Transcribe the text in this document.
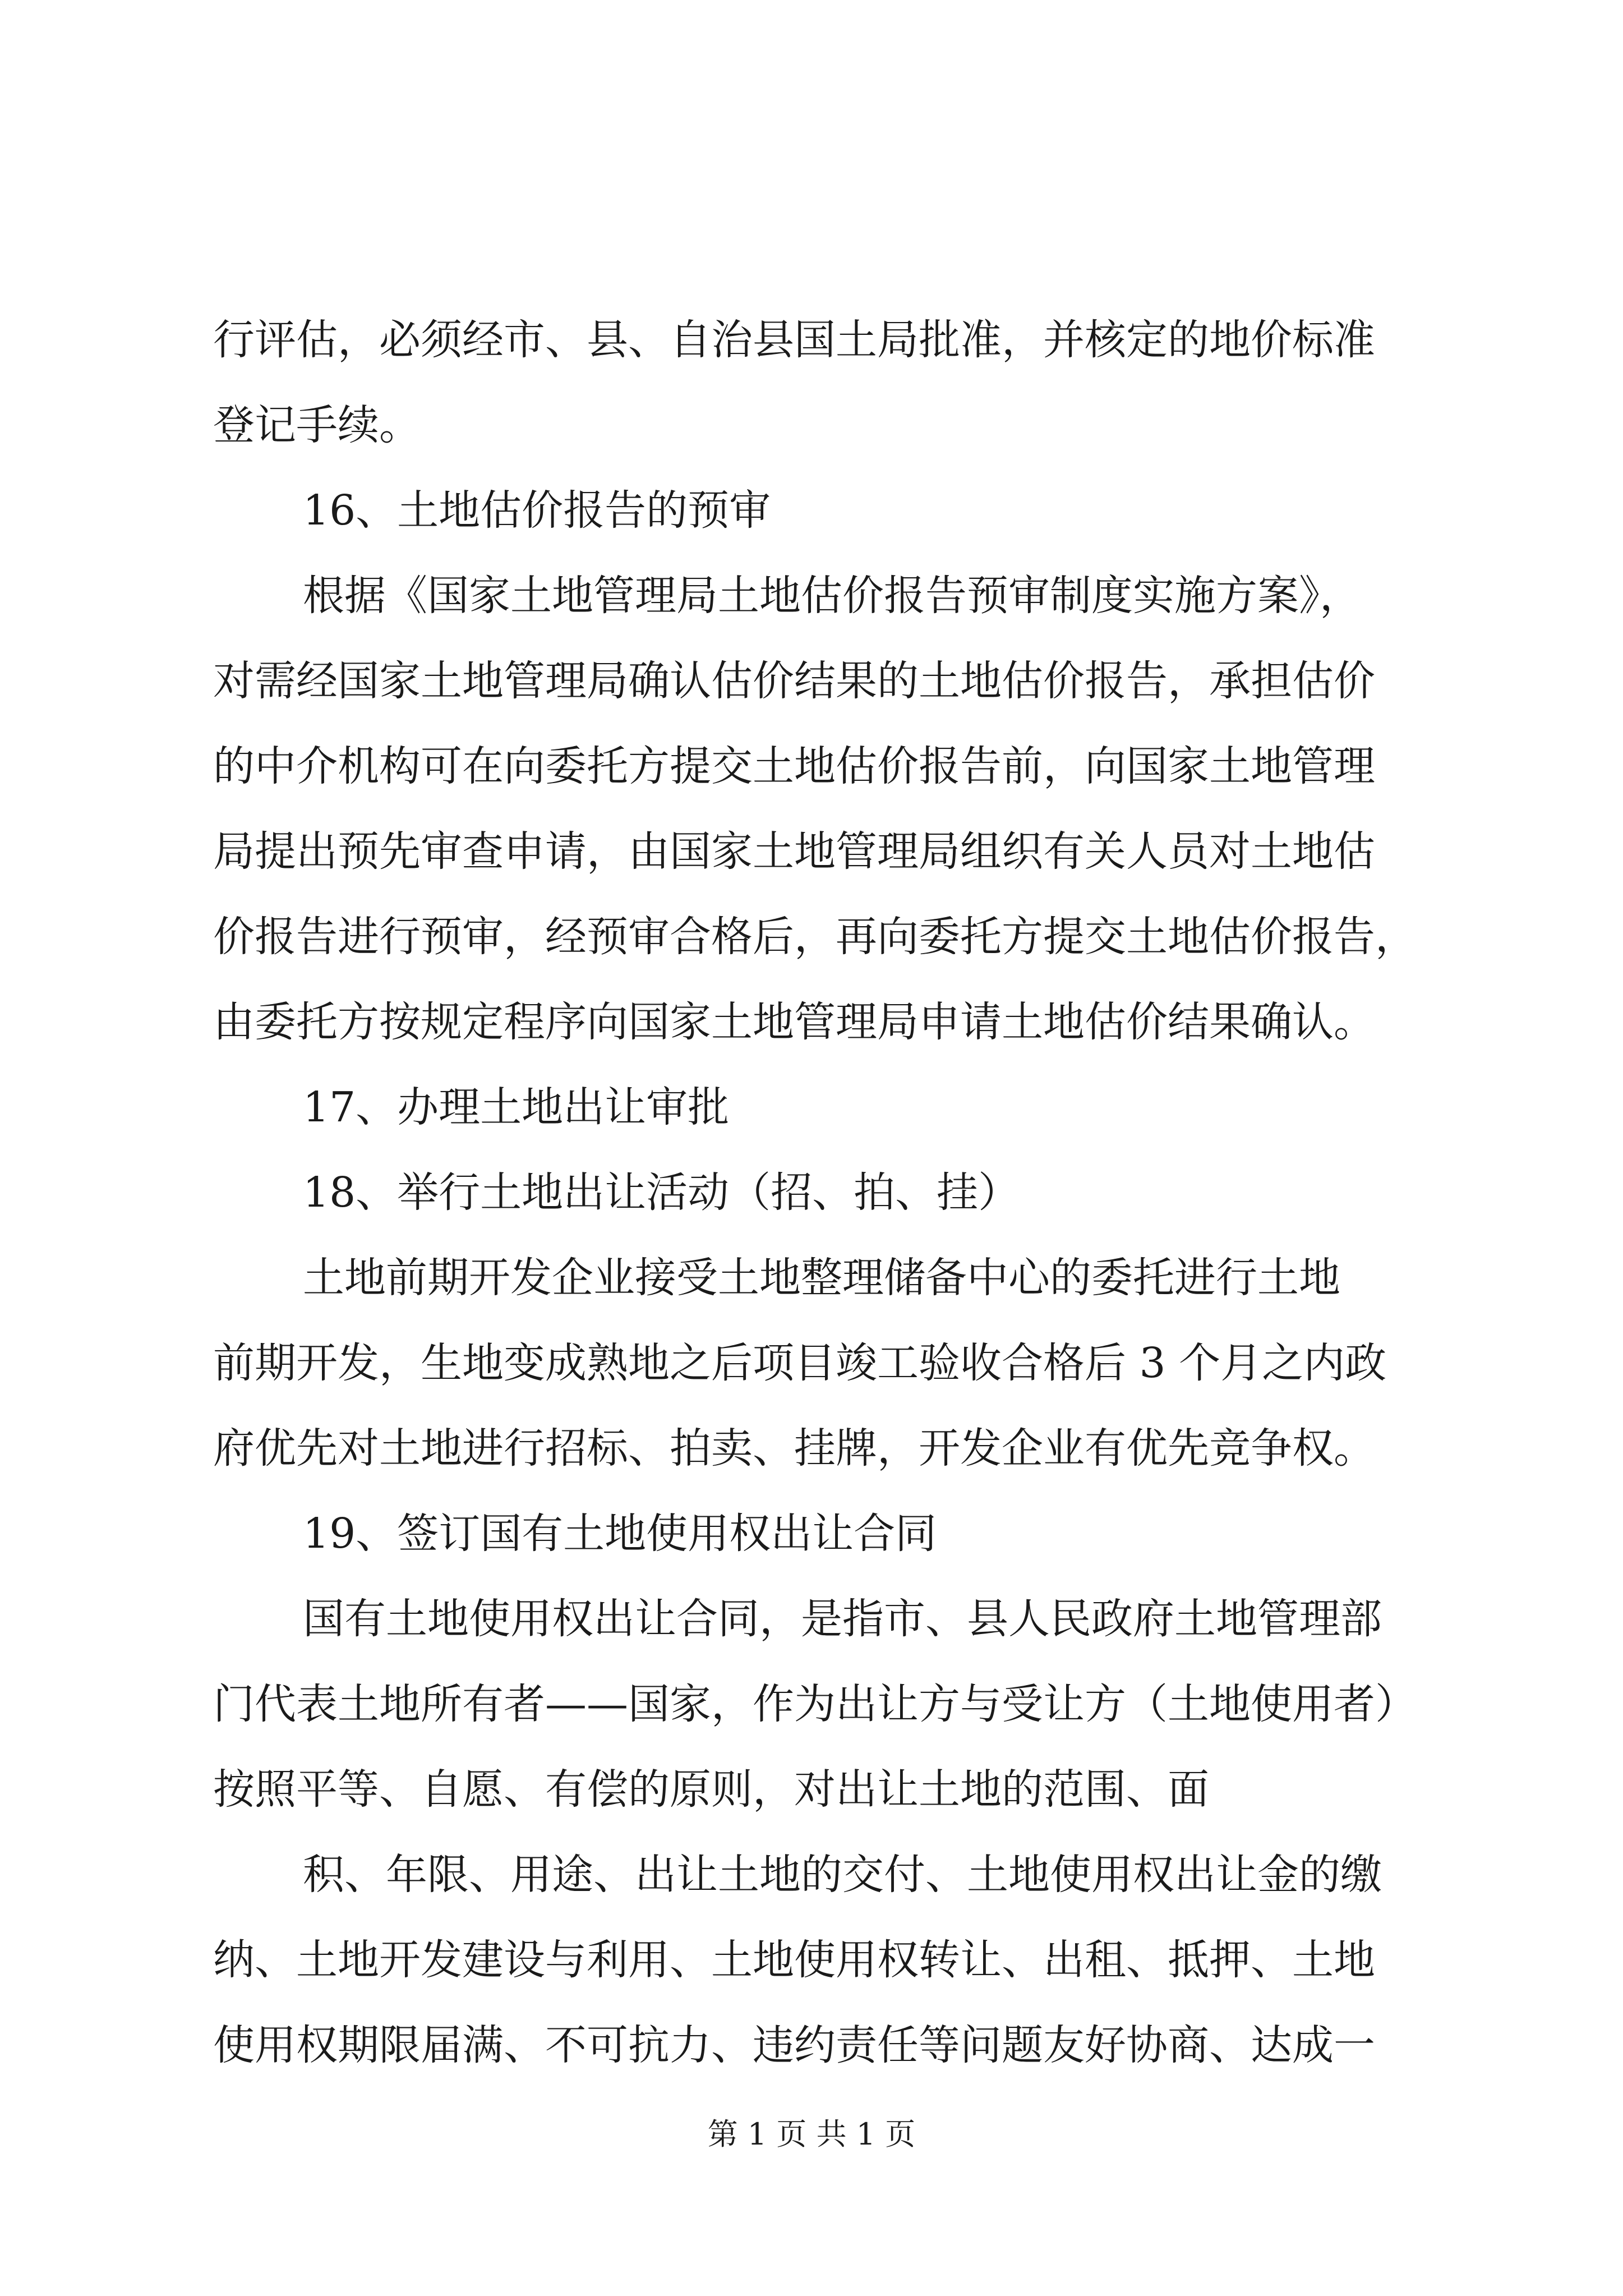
行评估，必须经市、县、自治县国土局批准，并核定的地价标准
登记手续。
16、土地估价报告的预审
根据《国家土地管理局土地估价报告预审制度实施方案》，
对需经国家土地管理局确认估价结果的土地估价报告，承担估价
的中介机构可在向委托方提交土地估价报告前，向国家土地管理
局提出预先审查申请，由国家土地管理局组织有关人员对土地估
价报告进行预审，经预审合格后，再向委托方提交土地估价报告，
由委托方按规定程序向国家土地管理局申请土地估价结果确认。
17、办理土地出让审批
18、举行土地出让活动（招、拍、挂）
土地前期开发企业接受土地整理储备中心的委托进行土地
前期开发，生地变成熟地之后项目竣工验收合格后 3 个月之内政
府优先对土地进行招标、拍卖、挂牌，开发企业有优先竞争权。
19、签订国有土地使用权出让合同
国有土地使用权出让合同，是指市、县人民政府土地管理部
门代表土地所有者——国家，作为出让方与受让方（土地使用者）
按照平等、自愿、有偿的原则，对出让土地的范围、面
积、年限、用途、出让土地的交付、土地使用权出让金的缴
纳、土地开发建设与利用、土地使用权转让、出租、抵押、土地
使用权期限届满、不可抗力、违约责任等问题友好协商、达成一
第 1 页 共 1 页
